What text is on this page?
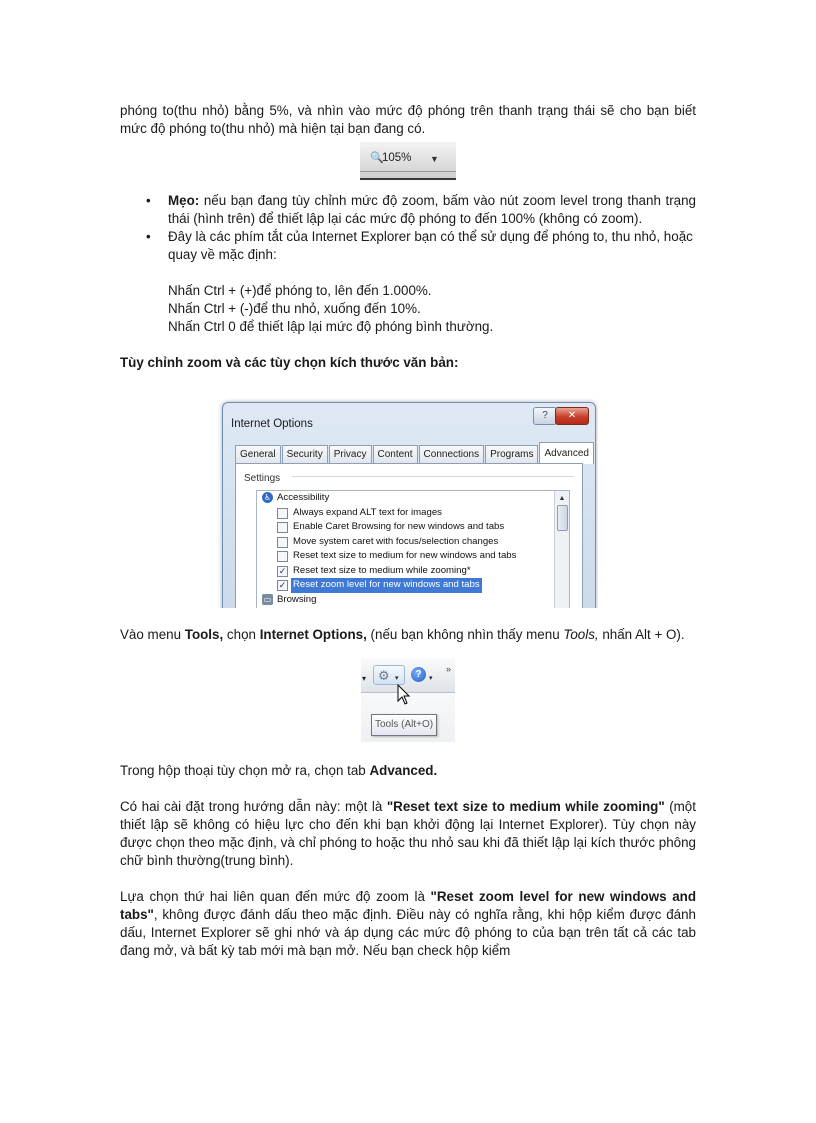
phóng to(thu nhỏ) bằng 5%, và nhìn vào mức độ phóng trên thanh trạng thái sẽ cho bạn biết mức độ phóng to(thu nhỏ) mà hiện tại bạn đang có.

🔍
105% ▼
• Mẹo: nếu bạn đang tùy chỉnh mức độ zoom, bấm vào nút zoom level trong thanh trạng thái (hình trên) để thiết lập lại các mức độ phóng to đến 100% (không có zoom).
• Đây là các phím tắt của Internet Explorer bạn có thể sử dụng để phóng to, thu nhỏ, hoặc quay về mặc định:

Nhấn Ctrl + (+)để phóng to, lên đến 1.000%.

Nhấn Ctrl + (-)để thu nhỏ, xuống đến 10%.

Nhấn Ctrl 0 để thiết lập lại mức độ phóng bình thường.

Tùy chỉnh zoom và các tùy chọn kích thước văn bản:

Internet Options
?	✕
General	Security	Privacy	Content	Connections	Programs	Advanced
Settings
♿ Accessibility
Always expand ALT text for images
Enable Caret Browsing for new windows and tabs
Move system caret with focus/selection changes
Reset text size to medium for new windows and tabs
✓ Reset text size to medium while zooming*
✓ Reset zoom level for new windows and tabs
▭ Browsing
▲

Vào menu Tools, chọn Internet Options, (nếu bạn không nhìn thấy menu Tools, nhấn Alt + O).

▾ ⚙ ▾	?	▾
»
Tools (Alt+O)

Trong hộp thoại tùy chọn mở ra, chọn tab Advanced.

Có hai cài đặt trong hướng dẫn này: một là "Reset text size to medium while zooming" (một thiết lập sẽ không có hiệu lực cho đến khi bạn khởi động lại Internet Explorer). Tùy chọn này được chọn theo mặc định, và chỉ phóng to hoặc thu nhỏ sau khi đã thiết lập lại kích thước phông chữ bình thường(trung bình).

Lựa chọn thứ hai liên quan đến mức độ zoom là "Reset zoom level for new windows and tabs", không được đánh dấu theo mặc định. Điều này có nghĩa rằng, khi hộp kiểm được đánh dấu, Internet Explorer sẽ ghi nhớ và áp dụng các mức độ phóng to của bạn trên tất cả các tab đang mở, và bất kỳ tab mới mà bạn mở. Nếu bạn check hộp kiểm
